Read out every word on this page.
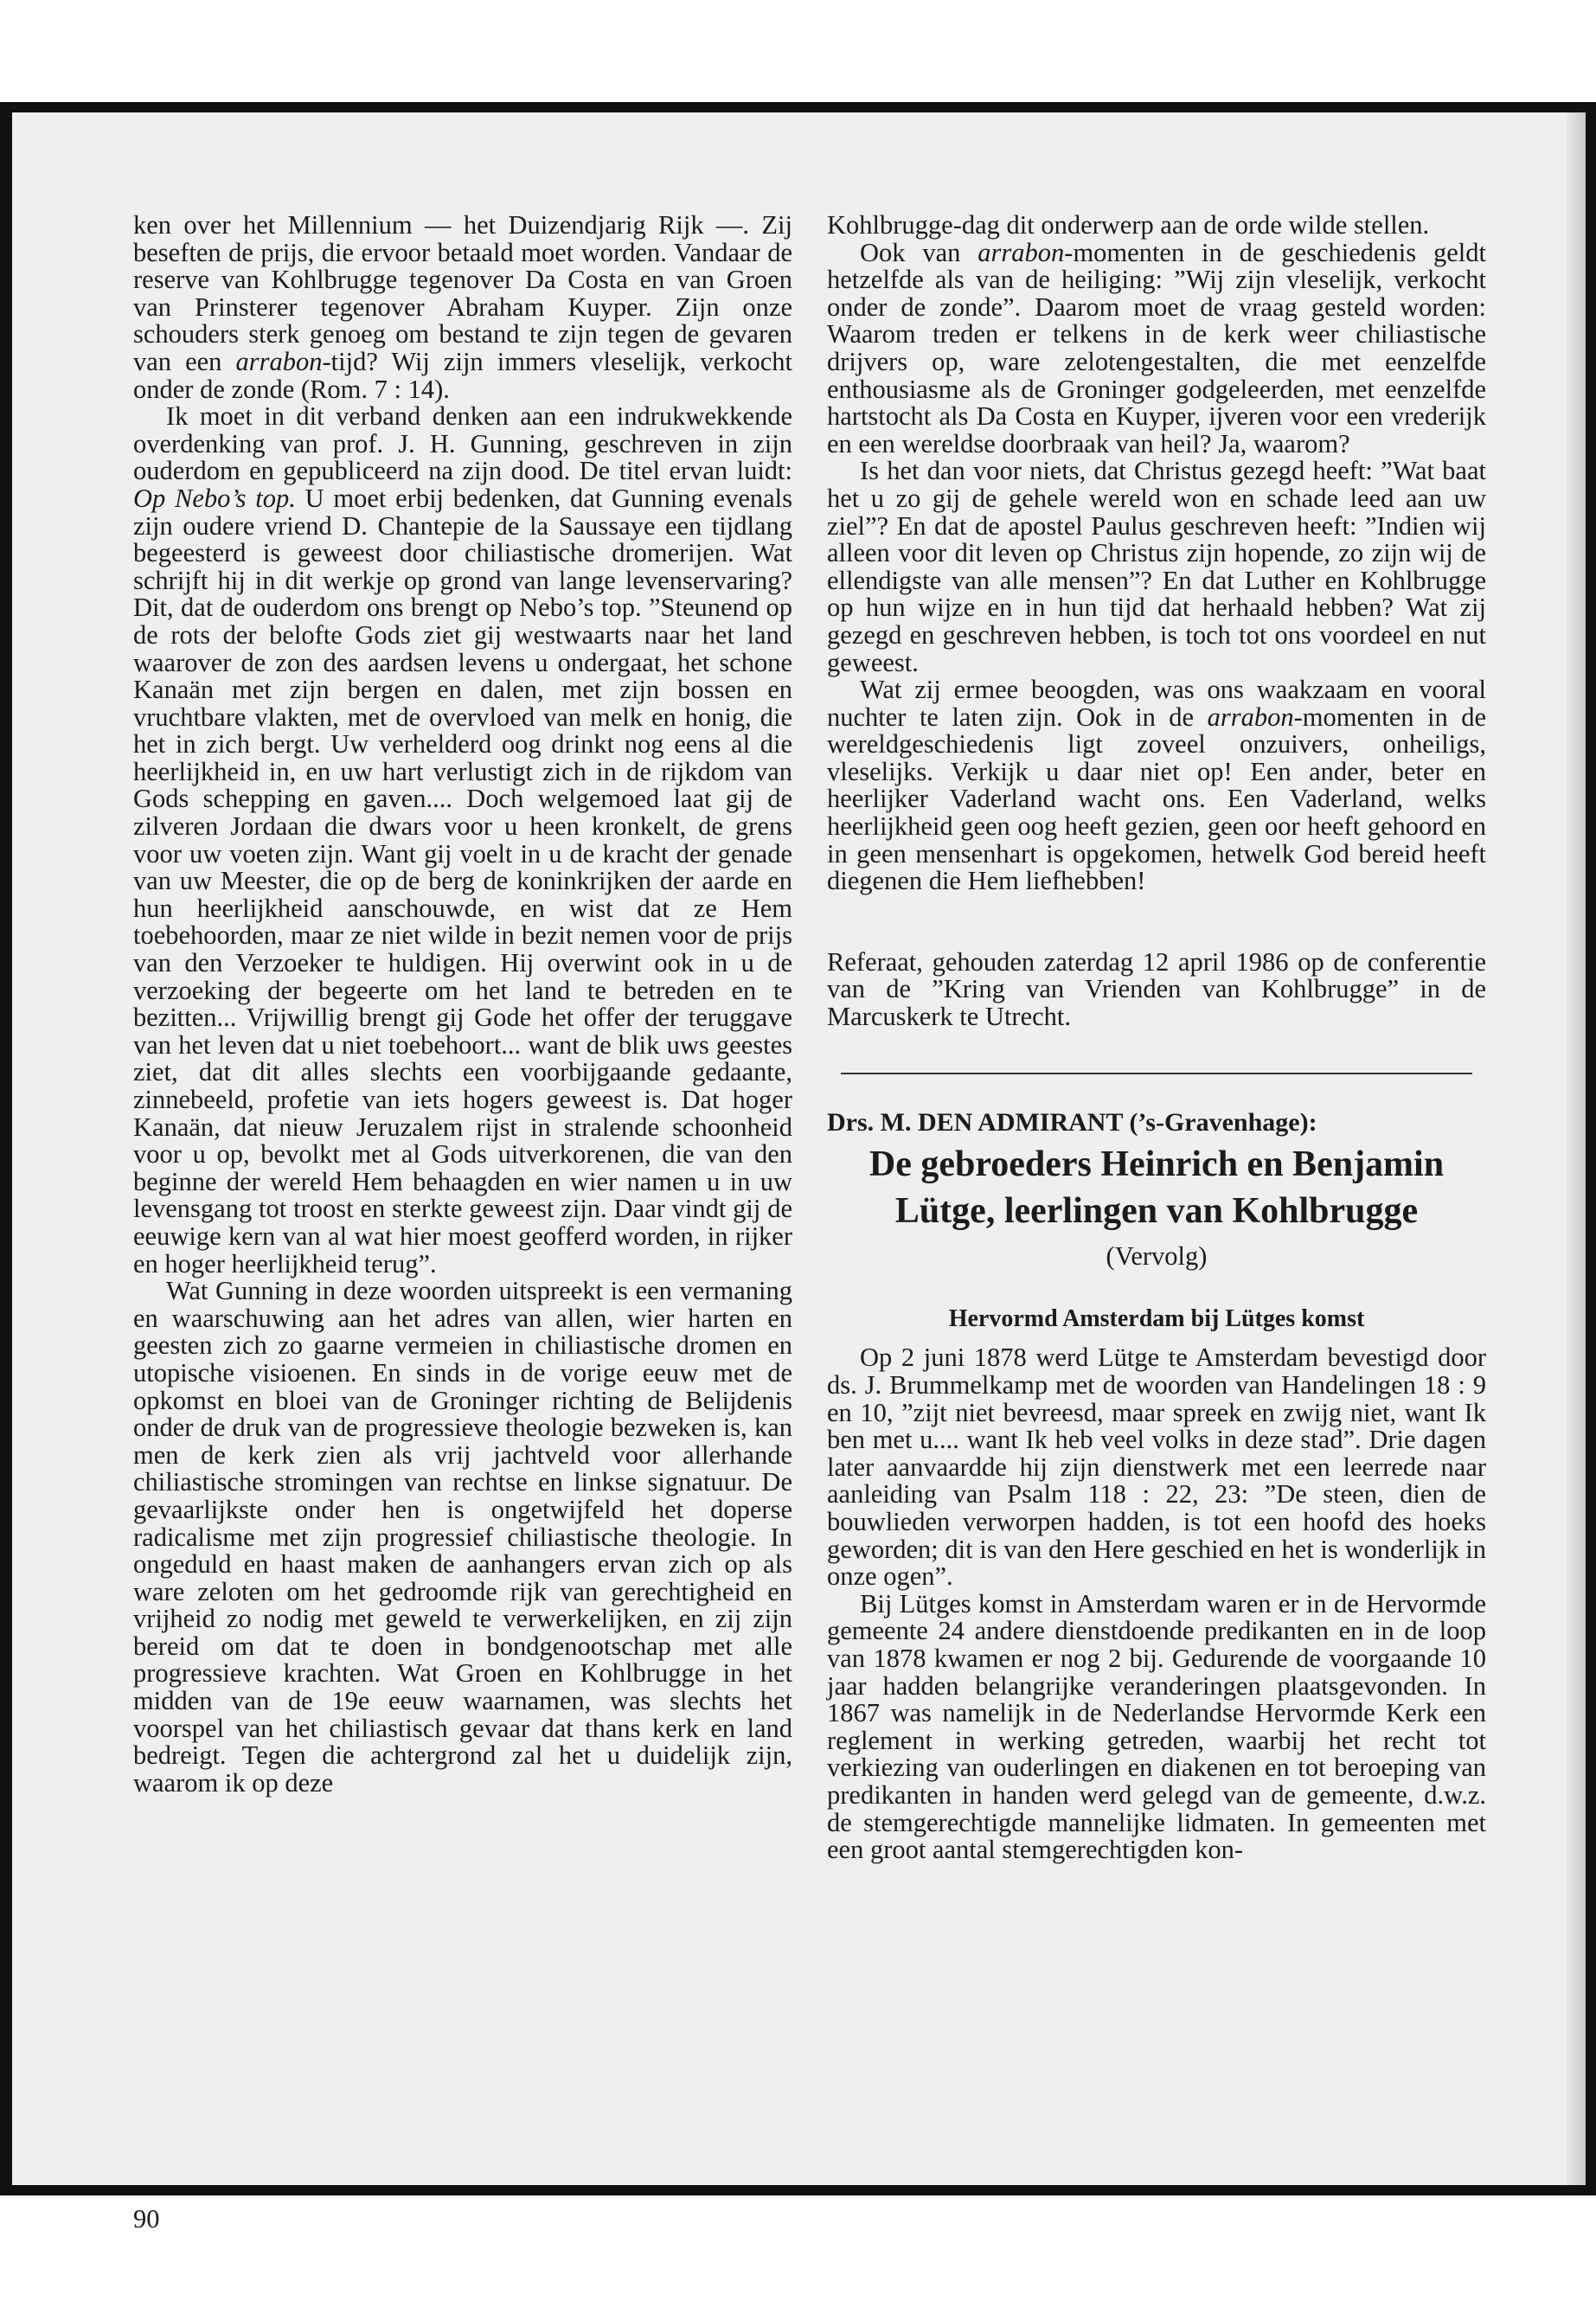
ken over het Millennium — het Duizendjarig Rijk —. Zij beseften de prijs, die ervoor betaald moet worden. Vandaar de reserve van Kohlbrugge tegenover Da Costa en van Groen van Prinsterer tegenover Abraham Kuyper. Zijn onze schouders sterk genoeg om bestand te zijn tegen de gevaren van een arrabon-tijd? Wij zijn immers vleselijk, verkocht onder de zonde (Rom. 7 : 14).

Ik moet in dit verband denken aan een indrukwekkende overdenking van prof. J. H. Gunning, geschreven in zijn ouderdom en gepubliceerd na zijn dood. De titel ervan luidt: Op Nebo’s top. U moet erbij bedenken, dat Gunning evenals zijn oudere vriend D. Chantepie de la Saussaye een tijdlang begeesterd is geweest door chiliastische dromerijen. Wat schrijft hij in dit werkje op grond van lange levenservaring? Dit, dat de ouderdom ons brengt op Nebo’s top. ”Steunend op de rots der belofte Gods ziet gij westwaarts naar het land waarover de zon des aardsen levens u ondergaat, het schone Kanaän met zijn bergen en dalen, met zijn bossen en vruchtbare vlakten, met de overvloed van melk en honig, die het in zich bergt. Uw verhelderd oog drinkt nog eens al die heerlijkheid in, en uw hart verlustigt zich in de rijkdom van Gods schepping en gaven.... Doch welgemoed laat gij de zilveren Jordaan die dwars voor u heen kronkelt, de grens voor uw voeten zijn. Want gij voelt in u de kracht der genade van uw Meester, die op de berg de koninkrijken der aarde en hun heerlijkheid aanschouwde, en wist dat ze Hem toebehoorden, maar ze niet wilde in bezit nemen voor de prijs van den Verzoeker te huldigen. Hij overwint ook in u de verzoeking der begeerte om het land te betreden en te bezitten... Vrijwillig brengt gij Gode het offer der teruggave van het leven dat u niet toebehoort... want de blik uws geestes ziet, dat dit alles slechts een voorbijgaande gedaante, zinnebeeld, profetie van iets hogers geweest is. Dat hoger Kanaän, dat nieuw Jeruzalem rijst in stralende schoonheid voor u op, bevolkt met al Gods uitverkorenen, die van den beginne der wereld Hem behaagden en wier namen u in uw levensgang tot troost en sterkte geweest zijn. Daar vindt gij de eeuwige kern van al wat hier moest geofferd worden, in rijker en hoger heerlijkheid terug”.

Wat Gunning in deze woorden uitspreekt is een vermaning en waarschuwing aan het adres van allen, wier harten en geesten zich zo gaarne vermeien in chiliastische dromen en utopische visioenen. En sinds in de vorige eeuw met de opkomst en bloei van de Groninger richting de Belijdenis onder de druk van de progressieve theologie bezweken is, kan men de kerk zien als vrij jachtveld voor allerhande chiliastische stromingen van rechtse en linkse signatuur. De gevaarlijkste onder hen is ongetwijfeld het doperse radicalisme met zijn progressief chiliastische theologie. In ongeduld en haast maken de aanhangers ervan zich op als ware zeloten om het gedroomde rijk van gerechtigheid en vrijheid zo nodig met geweld te verwerkelijken, en zij zijn bereid om dat te doen in bondgenootschap met alle progressieve krachten. Wat Groen en Kohlbrugge in het midden van de 19e eeuw waarnamen, was slechts het voorspel van het chiliastisch gevaar dat thans kerk en land bedreigt. Tegen die achtergrond zal het u duidelijk zijn, waarom ik op deze

90

Kohlbrugge-dag dit onderwerp aan de orde wilde stellen.

Ook van arrabon-momenten in de geschiedenis geldt hetzelfde als van de heiliging: ”Wij zijn vleselijk, verkocht onder de zonde”. Daarom moet de vraag gesteld worden: Waarom treden er telkens in de kerk weer chiliastische drijvers op, ware zelotengestalten, die met eenzelfde enthousiasme als de Groninger godgeleerden, met eenzelfde hartstocht als Da Costa en Kuyper, ijveren voor een vrederijk en een wereldse doorbraak van heil? Ja, waarom?

Is het dan voor niets, dat Christus gezegd heeft: ”Wat baat het u zo gij de gehele wereld won en schade leed aan uw ziel”? En dat de apostel Paulus geschreven heeft: ”Indien wij alleen voor dit leven op Christus zijn hopende, zo zijn wij de ellendigste van alle mensen”? En dat Luther en Kohlbrugge op hun wijze en in hun tijd dat herhaald hebben? Wat zij gezegd en geschreven hebben, is toch tot ons voordeel en nut geweest.

Wat zij ermee beoogden, was ons waakzaam en vooral nuchter te laten zijn. Ook in de arrabon-momenten in de wereldgeschiedenis ligt zoveel onzuivers, onheiligs, vleselijks. Verkijk u daar niet op! Een ander, beter en heerlijker Vaderland wacht ons. Een Vaderland, welks heerlijkheid geen oog heeft gezien, geen oor heeft gehoord en in geen mensenhart is opgekomen, hetwelk God bereid heeft diegenen die Hem liefhebben!

Referaat, gehouden zaterdag 12 april 1986 op de conferentie van de ”Kring van Vrienden van Kohlbrugge” in de Marcuskerk te Utrecht.

Drs. M. DEN ADMIRANT (’s-Gravenhage):
De gebroeders Heinrich en Benjamin Lütge, leerlingen van Kohlbrugge
(Vervolg)
Hervormd Amsterdam bij Lütges komst

Op 2 juni 1878 werd Lütge te Amsterdam bevestigd door ds. J. Brummelkamp met de woorden van Handelingen 18 : 9 en 10, ”zijt niet bevreesd, maar spreek en zwijg niet, want Ik ben met u.... want Ik heb veel volks in deze stad”. Drie dagen later aanvaardde hij zijn dienstwerk met een leerrede naar aanleiding van Psalm 118 : 22, 23: ”De steen, dien de bouwlieden verworpen hadden, is tot een hoofd des hoeks geworden; dit is van den Here geschied en het is wonderlijk in onze ogen”.

Bij Lütges komst in Amsterdam waren er in de Hervormde gemeente 24 andere dienstdoende predikanten en in de loop van 1878 kwamen er nog 2 bij. Gedurende de voorgaande 10 jaar hadden belangrijke veranderingen plaatsgevonden. In 1867 was namelijk in de Nederlandse Hervormde Kerk een reglement in werking getreden, waarbij het recht tot verkiezing van ouderlingen en diakenen en tot beroeping van predikanten in handen werd gelegd van de gemeente, d.w.z. de stemgerechtigde mannelijke lidmaten. In gemeenten met een groot aantal stemgerechtigden kon-
